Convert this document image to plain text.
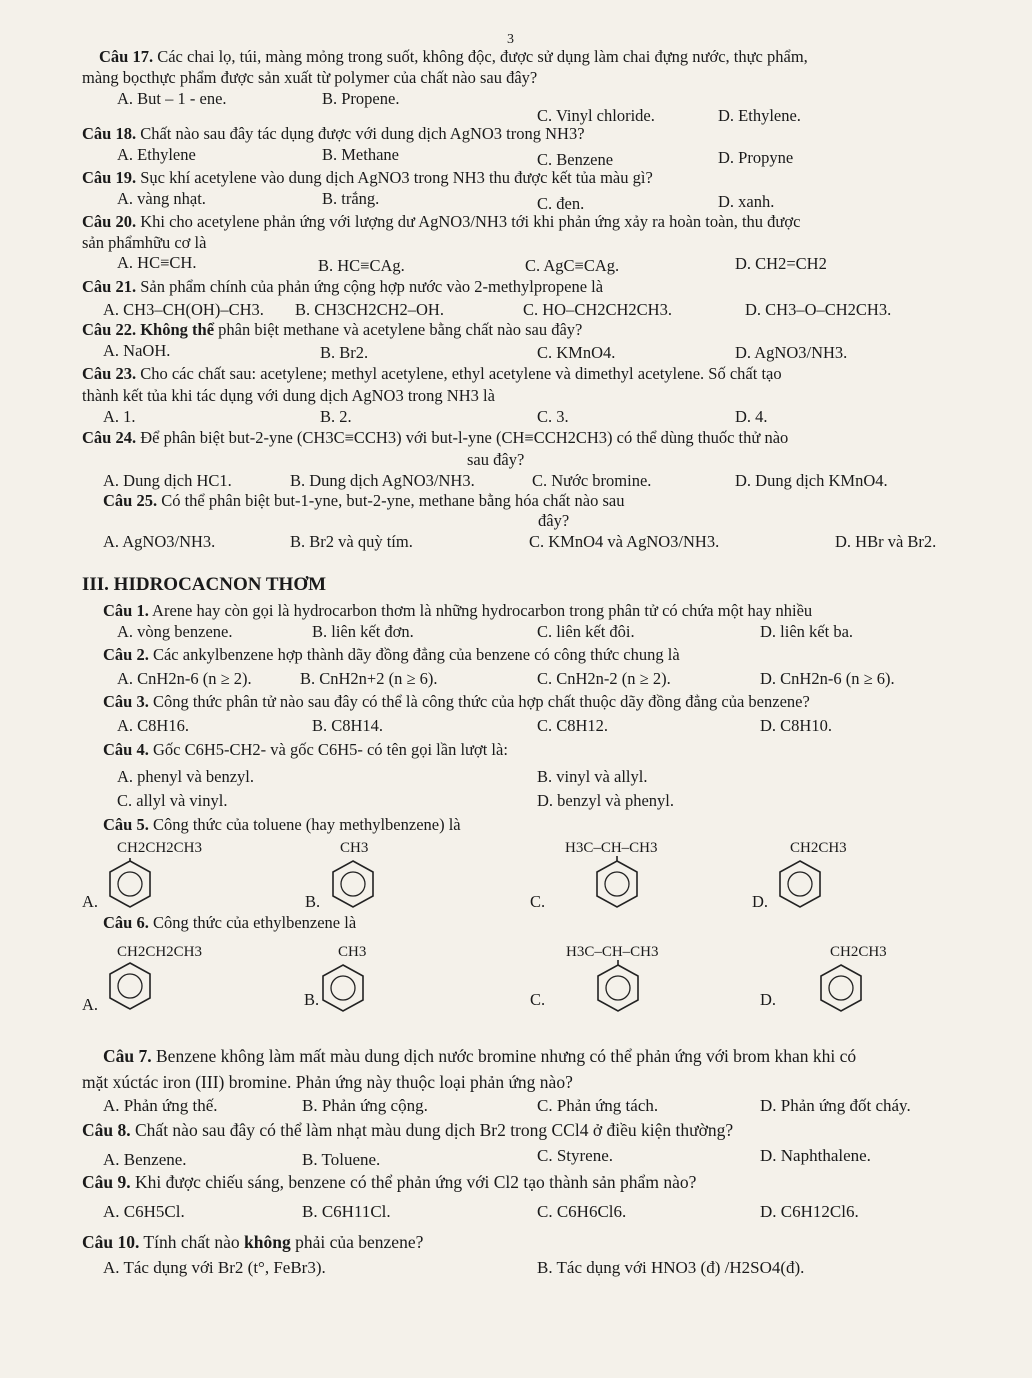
3
Câu 17. Các chai lọ, túi, màng mỏng trong suốt, không độc, được sử dụng làm chai đựng nước, thực phẩm,
màng bọcthực phẩm được sản xuất từ polymer của chất nào sau đây?
A. But – 1 - ene.	B. Propene.
C. Vinyl chloride.	D. Ethylene.
Câu 18. Chất nào sau đây tác dụng được với dung dịch AgNO3 trong NH3?
A. Ethylene	B. Methane	C. Benzene	D. Propyne
Câu 19. Sục khí acetylene vào dung dịch AgNO3 trong NH3 thu được kết tủa màu gì?
A. vàng nhạt.	B. trắng.	C. đen.	D. xanh.
Câu 20. Khi cho acetylene phản ứng với lượng dư AgNO3/NH3 tới khi phản ứng xảy ra hoàn toàn, thu được
sản phẩmhữu cơ là
A. HC≡CH.	B. HC≡CAg.	C. AgC≡CAg.	D. CH2=CH2
Câu 21. Sản phẩm chính của phản ứng cộng hợp nước vào 2-methylpropene là
A. CH3–CH(OH)–CH3. B. CH3CH2CH2–OH.	C. HO–CH2CH2CH3.	D. CH3–O–CH2CH3.
Câu 22. Không thể phân biệt methane và acetylene bằng chất nào sau đây?
A. NaOH.	B. Br2.	C. KMnO4.	D. AgNO3/NH3.
Câu 23. Cho các chất sau: acetylene; methyl acetylene, ethyl acetylene và dimethyl acetylene. Số chất tạo
thành kết tủa khi tác dụng với dung dịch AgNO3 trong NH3 là
A. 1.	B. 2.	C. 3.	D. 4.
Câu 24. Để phân biệt but-2-yne (CH3C≡CCH3) với but-l-yne (CH≡CCH2CH3) có thể dùng thuốc thử nào
sau đây?
A. Dung dịch HC1.	B. Dung dịch AgNO3/NH3.	C. Nước bromine.	D. Dung dịch KMnO4.
Câu 25. Có thể phân biệt but-1-yne, but-2-yne, methane bằng hóa chất nào sau
đây?
A. AgNO3/NH3.	B. Br2 và quỳ tím.	C. KMnO4 và AgNO3/NH3.	D. HBr và Br2.
III. HIDROCACNON THƠM
Câu 1. Arene hay còn gọi là hydrocarbon thơm là những hydrocarbon trong phân tử có chứa một hay nhiều
A. vòng benzene.	B. liên kết đơn.	C. liên kết đôi.	D. liên kết ba.
Câu 2. Các ankylbenzene hợp thành dãy đồng đẳng của benzene có công thức chung là
A. CnH2n-6 (n ≥ 2).	B. CnH2n+2 (n ≥ 6).	C. CnH2n-2 (n ≥ 2).	D. CnH2n-6 (n ≥ 6).
Câu 3. Công thức phân tử nào sau đây có thể là công thức của hợp chất thuộc dãy đồng đẳng của benzene?
A. C8H16.	B. C8H14.	C. C8H12.	D. C8H10.
Câu 4. Gốc C6H5-CH2- và gốc C6H5- có tên gọi lần lượt là:
A. phenyl và benzyl.	B. vinyl và allyl.
C. allyl và vinyl.	D. benzyl và phenyl.
Câu 5. Công thức của toluene (hay methylbenzene) là
CH2CH2CH3
A.
CH3
B.
H3C–CH–CH3
C.
CH2CH3
D.
Câu 6. Công thức của ethylbenzene là
CH2CH2CH3
A.
CH3
B.
H3C–CH–CH3
C.
CH2CH3
D.
Câu 7. Benzene không làm mất màu dung dịch nước bromine nhưng có thể phản ứng với brom khan khi có
mặt xúctác iron (III) bromine. Phản ứng này thuộc loại phản ứng nào?
A. Phản ứng thế.	B. Phản ứng cộng.	C. Phản ứng tách.	D. Phản ứng đốt cháy.
Câu 8. Chất nào sau đây có thể làm nhạt màu dung dịch Br2 trong CCl4 ở điều kiện thường?
A. Benzene.	B. Toluene.	C. Styrene.	D. Naphthalene.
Câu 9. Khi được chiếu sáng, benzene có thể phản ứng với Cl2 tạo thành sản phẩm nào?
A. C6H5Cl.	B. C6H11Cl.	C. C6H6Cl6.	D. C6H12Cl6.
Câu 10. Tính chất nào không phải của benzene?
A. Tác dụng với Br2 (t°, FeBr3).	B. Tác dụng với HNO3 (đ) /H2SO4(đ).
